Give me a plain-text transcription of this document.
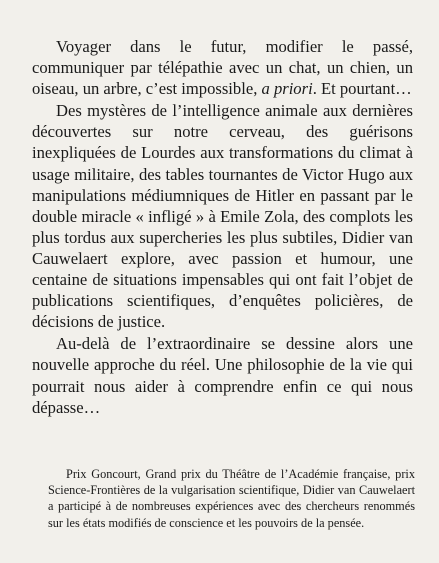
Voyager dans le futur, modifier le passé, communiquer par télépathie avec un chat, un chien, un oiseau, un arbre, c’est impossible, a priori. Et pourtant…

Des mystères de l’intelligence animale aux dernières découvertes sur notre cerveau, des guérisons inexpliquées de Lourdes aux transformations du climat à usage militaire, des tables tournantes de Victor Hugo aux manipulations médiumniques de Hitler en passant par le double miracle « infligé » à Emile Zola, des complots les plus tordus aux supercheries les plus subtiles, Didier van Cauwelaert explore, avec passion et humour, une centaine de situations impensables qui ont fait l’objet de publications scientifiques, d’enquêtes policières, de décisions de justice.

Au-delà de l’extraordinaire se dessine alors une nouvelle approche du réel. Une philosophie de la vie qui pourrait nous aider à comprendre enfin ce qui nous dépasse…

Prix Goncourt, Grand prix du Théâtre de l’Académie française, prix Science-Frontières de la vulgarisation scientifique, Didier van Cauwelaert a participé à de nombreuses expériences avec des chercheurs renommés sur les états modifiés de conscience et les pouvoirs de la pensée.
